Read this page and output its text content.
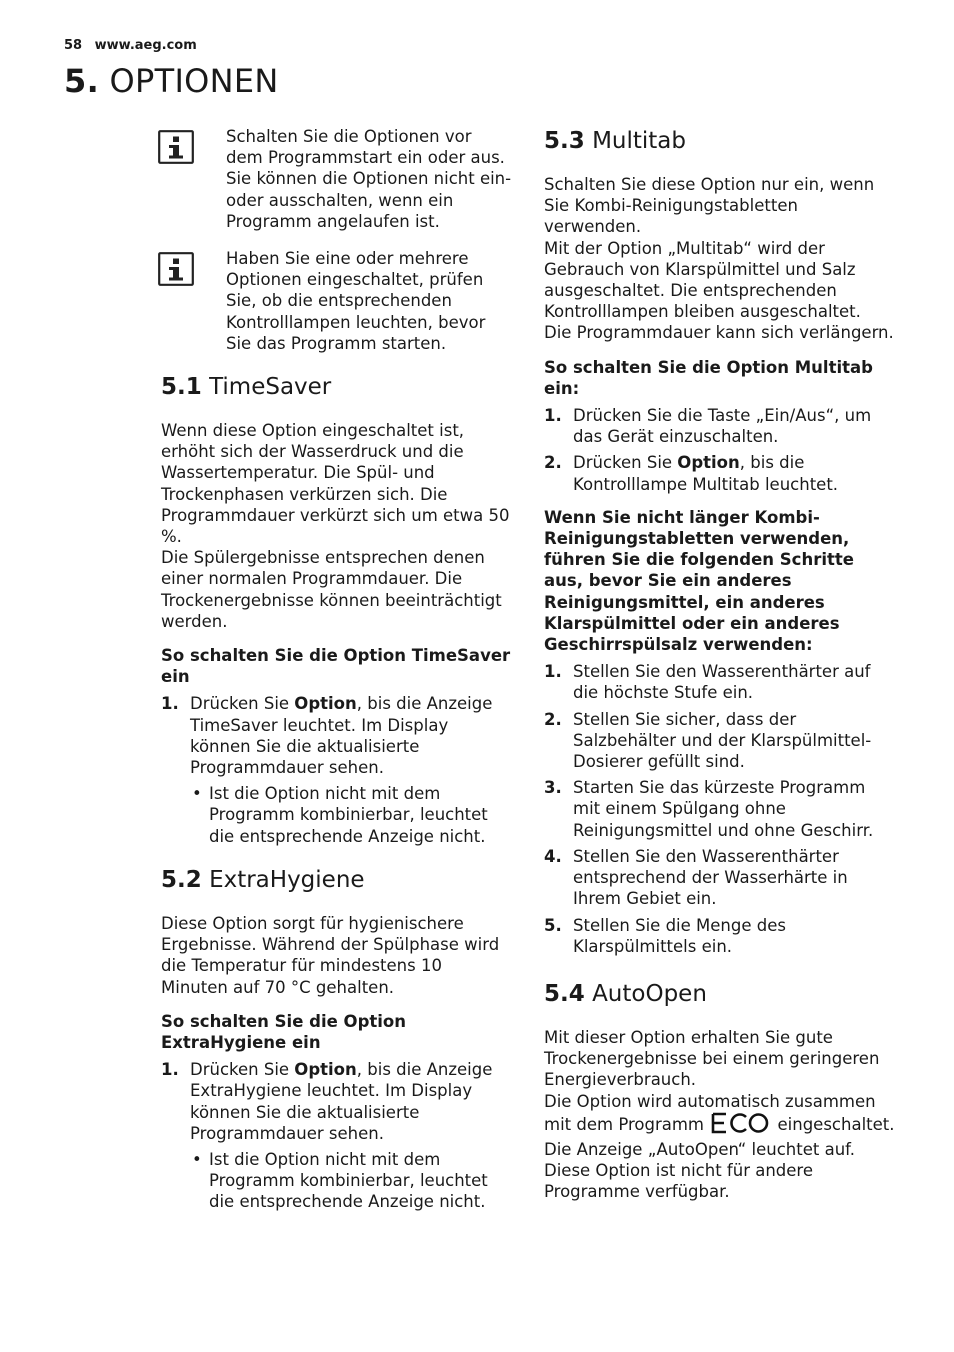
58 www.aeg.com
5. OPTIONEN
Schalten Sie die Optionen vor dem Programmstart ein oder aus. Sie können die Optionen nicht ein- oder ausschalten, wenn ein Programm angelaufen ist.
Haben Sie eine oder mehrere Optionen eingeschaltet, prüfen Sie, ob die entsprechenden Kontrolllampen leuchten, bevor Sie das Programm starten.
5.1 TimeSaver

Wenn diese Option eingeschaltet ist, erhöht sich der Wasserdruck und die Wassertemperatur. Die Spül- und Trockenphasen verkürzen sich. Die Programmdauer verkürzt sich um etwa 50 %.

Die Spülergebnisse entsprechen denen einer normalen Programmdauer. Die Trockenergebnisse können beeinträchtigt werden.

So schalten Sie die Option TimeSaver ein

1. Drücken Sie Option, bis die Anzeige TimeSaver leuchtet. Im Display können Sie die aktualisierte Programmdauer sehen.
• Ist die Option nicht mit dem Programm kombinierbar, leuchtet die entsprechende Anzeige nicht.
5.2 ExtraHygiene

Diese Option sorgt für hygienischere Ergebnisse. Während der Spülphase wird die Temperatur für mindestens 10 Minuten auf 70 °C gehalten.

So schalten Sie die Option ExtraHygiene ein

1. Drücken Sie Option, bis die Anzeige ExtraHygiene leuchtet. Im Display können Sie die aktualisierte Programmdauer sehen.
• Ist die Option nicht mit dem Programm kombinierbar, leuchtet die entsprechende Anzeige nicht.
5.3 Multitab

Schalten Sie diese Option nur ein, wenn Sie Kombi-Reinigungstabletten verwenden.

Mit der Option „Multitab“ wird der Gebrauch von Klarspülmittel und Salz ausgeschaltet. Die entsprechenden Kontrolllampen bleiben ausgeschaltet.

Die Programmdauer kann sich verlängern.

So schalten Sie die Option Multitab ein:

1. Drücken Sie die Taste „Ein/Aus“, um das Gerät einzuschalten.
2. Drücken Sie Option, bis die Kontrolllampe Multitab leuchtet.

Wenn Sie nicht länger Kombi-Reinigungstabletten verwenden, führen Sie die folgenden Schritte aus, bevor Sie ein anderes Reinigungsmittel, ein anderes Klarspülmittel oder ein anderes Geschirrspülsalz verwenden:

1. Stellen Sie den Wasserenthärter auf die höchste Stufe ein.
2. Stellen Sie sicher, dass der Salzbehälter und der Klarspülmittel-Dosierer gefüllt sind.
3. Starten Sie das kürzeste Programm mit einem Spülgang ohne Reinigungsmittel und ohne Geschirr.
4. Stellen Sie den Wasserenthärter entsprechend der Wasserhärte in Ihrem Gebiet ein.
5. Stellen Sie die Menge des Klarspülmittels ein.
5.4 AutoOpen

Mit dieser Option erhalten Sie gute Trockenergebnisse bei einem geringeren Energieverbrauch.

Die Option wird automatisch zusammen mit dem Programm	eingeschaltet. Die Anzeige „AutoOpen“ leuchtet auf.

Diese Option ist nicht für andere Programme verfügbar.
